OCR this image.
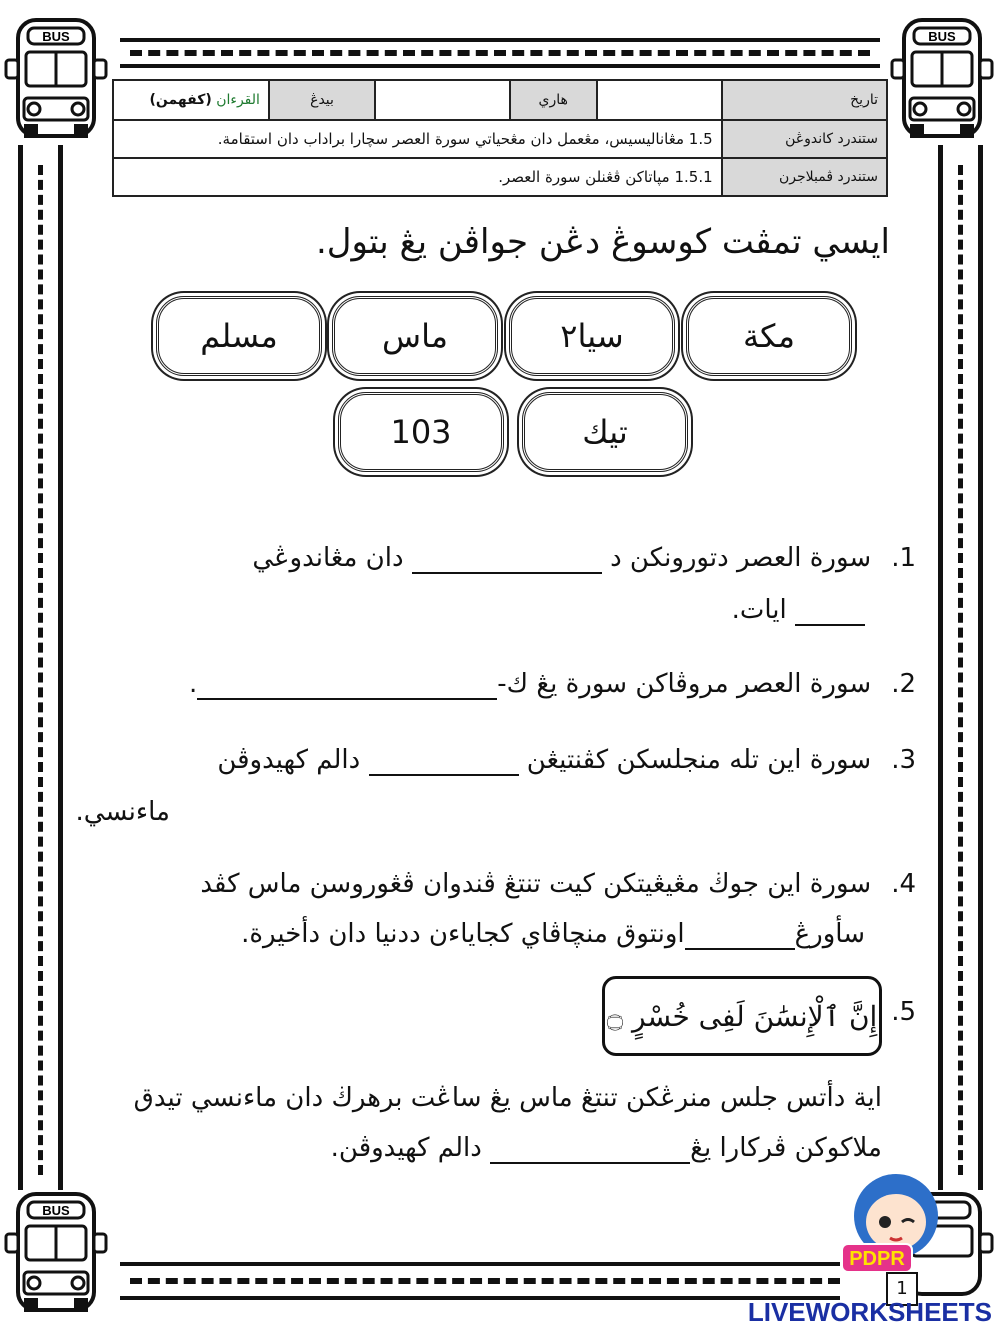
BUS	BUS
BUS
تاريخ		هاري		بيدڠ	القرءان (كفهمن)
ستندرد كاندوڠن	1.5 مڠاناليسيس، مڠعمل دان مڠحياتي سورة العصر سچارا براداب دان استقامة.				
ستندرد ڤمبلاجرن	1.5.1 مڽاتاكن ڤڠنلن سورة العصر.				
ايسي تمڤت كوسوڠ دڠن جواڤن يڠ بتول.
مكة
سيا٢
ماس
مسلم
تيك
103
1.سورة العصر دتورونكن د  دان مڠاندوڠي
ايات.
2.سورة العصر مروڤاكن سورة يڠ ك-.
3.سورة اين تله منجلسكن كڤنتيڠن  دالم كهيدوڤن
ماءنسي.
4.سورة اين جوڬ مڠيڠيتكن كيت تنتڠ ڤندوان ڤڠوروسن ماس كڤد
سأورڠاونتوق منچاڤاي كجاياءن ددنيا دان دأخيرة.
5.
إِنَّ ٱلْإِنسَٰنَ لَفِى خُسْرٍ ۝
اية دأتس جلس منرڠكن تنتڠ ماس يڠ ساڠت برهرڬ دان ماءنسي تيدق
ملاكوكن ڤركارا يڠ دالم كهيدوڤن.
PDPR
1
LIVEWORKSHEETS
